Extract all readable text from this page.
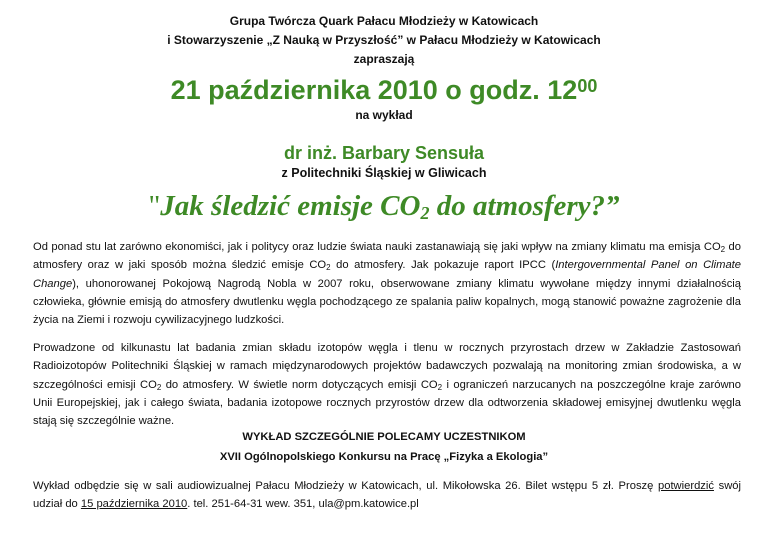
Grupa Twórcza Quark Pałacu Młodzieży w Katowicach
i Stowarzyszenie „Z Nauką w Przyszłość” w Pałacu Młodzieży w Katowicach
zapraszają
21 października 2010 o godz. $12^{00}$
na wykład
dr inż. Barbary Sensuła
z Politechniki Śląskiej w Gliwicach
"Jak śledzić emisje $CO_2$ do atmosfery?”
Od ponad stu lat zarówno ekonomiści, jak i politycy oraz ludzie świata nauki zastanawiają się jaki wpływ na zmiany klimatu ma emisja $CO_2$ do atmosfery oraz w jaki sposób można śledzić emisje $CO_2$ do atmosfery. Jak pokazuje raport IPCC (Intergovernmental Panel on Climate Change), uhonorowanej Pokojową Nagrodą Nobla w 2007 roku, obserwowane zmiany klimatu wywołane między innymi działalnością człowieka, głównie emisją do atmosfery dwutlenku węgla pochodzącego ze spalania paliw kopalnych, mogą stanowić poważne zagrożenie dla życia na Ziemi i rozwoju cywilizacyjnego ludzkości.
Prowadzone od kilkunastu lat badania zmian składu izotopów węgla i tlenu w rocznych przyrostach drzew w Zakładzie Zastosowań Radioizotopów Politechniki Śląskiej w ramach międzynarodowych projektów badawczych pozwalają na monitoring zmian środowiska, a w szczególności emisji $CO_2$ do atmosfery. W świetle norm dotyczących emisji $CO_2$ i ograniczeń narzucanych na poszczególne kraje zarówno Unii Europejskiej, jak i całego świata, badania izotopowe rocznych przyrostów drzew dla odtworzenia składowej emisyjnej dwutlenku węgla stają się szczególnie ważne.
WYKŁAD SZCZEGÓLNIE POLECAMY UCZESTNIKOM
XVII Ogólnopolskiego Konkursu na Pracę „Fizyka a Ekologia”
Wykład odbędzie się w sali audiowizualnej Pałacu Młodzieży w Katowicach, ul. Mikołowska 26. Bilet wstępu 5 zł. Proszę potwierdzić swój udział do 15 października 2010. tel. 251-64-31 wew. 351, ula@pm.katowice.pl
